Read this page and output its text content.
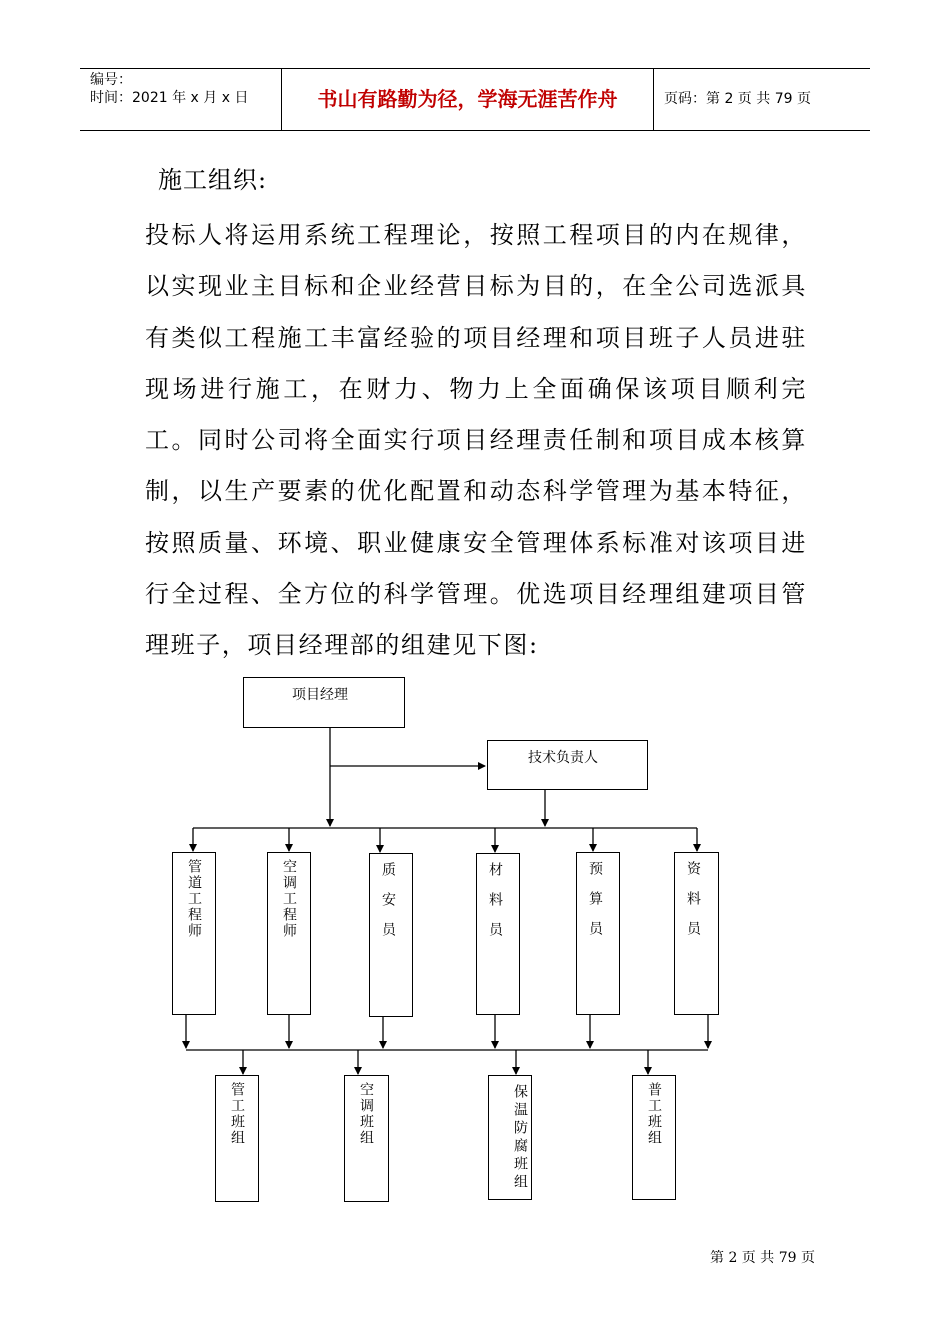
编号：
时间：2021 年 x 月 x 日	书山有路勤为径，学海无涯苦作舟	页码：第 2 页 共 79 页
施工组织:
投标人将运用系统工程理论，按照工程项目的内在规律，以实现业主目标和企业经营目标为目的，在全公司选派具有类似工程施工丰富经验的项目经理和项目班子人员进驻现场进行施工，在财力、物力上全面确保该项目顺利完工。同时公司将全面实行项目经理责任制和项目成本核算制，以生产要素的优化配置和动态科学管理为基本特征，按照质量、环境、职业健康安全管理体系标准对该项目进行全过程、全方位的科学管理。优选项目经理组建项目管理班子，项目经理部的组建见下图:
项目经理
技术负责人
管道工程师	空调工程师	质安员	材料员	预算员	资料员
管工班组	空调班组	保温防腐班组	普工班组
第 2 页 共 79 页
